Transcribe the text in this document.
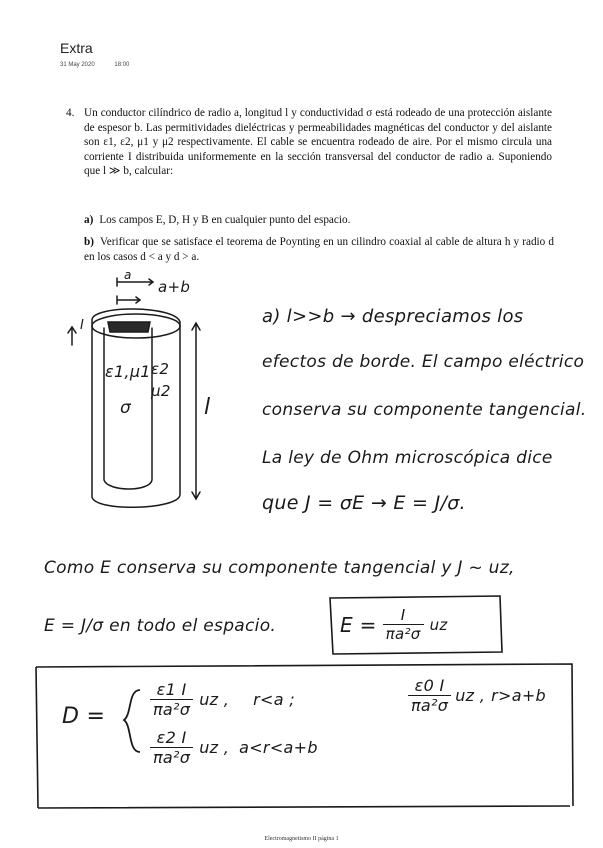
Extra
31 May 2020	18:00
4. Un conductor cilíndrico de radio a, longitud l y conductividad σ está rodeado de una protección aislante de espesor b. Las permitividades dieléctricas y permeabilidades magnéticas del conductor y del aislante son ε1, ε2, μ1 y μ2 respectivamente. El cable se encuentra rodeado de aire. Por el mismo circula una corriente I distribuida uniformemente en la sección transversal del conductor de radio a. Suponiendo que l ≫ b, calcular:
a) Los campos E, D, H y B en cualquier punto del espacio.
b) Verificar que se satisface el teorema de Poynting en un cilindro coaxial al cable de altura h y radio d en los casos d < a y d > a.
a
a+b
I
ε1,μ1
σ
ε2
μ2
l
a) l>>b → despreciamos los
efectos de borde. El campo eléctrico
conserva su componente tangencial.
La ley de Ohm microscópica dice
que J = σE → E = J/σ.
Como E conserva su componente tangencial y J ~ uz,
E = J/σ en todo el espacio.	$E = \frac{I}{\text{πa²σ}}$ uz
D =	$\frac{\varepsilon 1 I}{\text{πa²σ}}$ uz , r<a ;	$\frac{\varepsilon 0 I}{\text{πa²σ}}$ uz , r>a+b
$\frac{\varepsilon 2 I}{\text{πa²σ}}$ uz , a<r<a+b
Electromagnetismo II página 1
